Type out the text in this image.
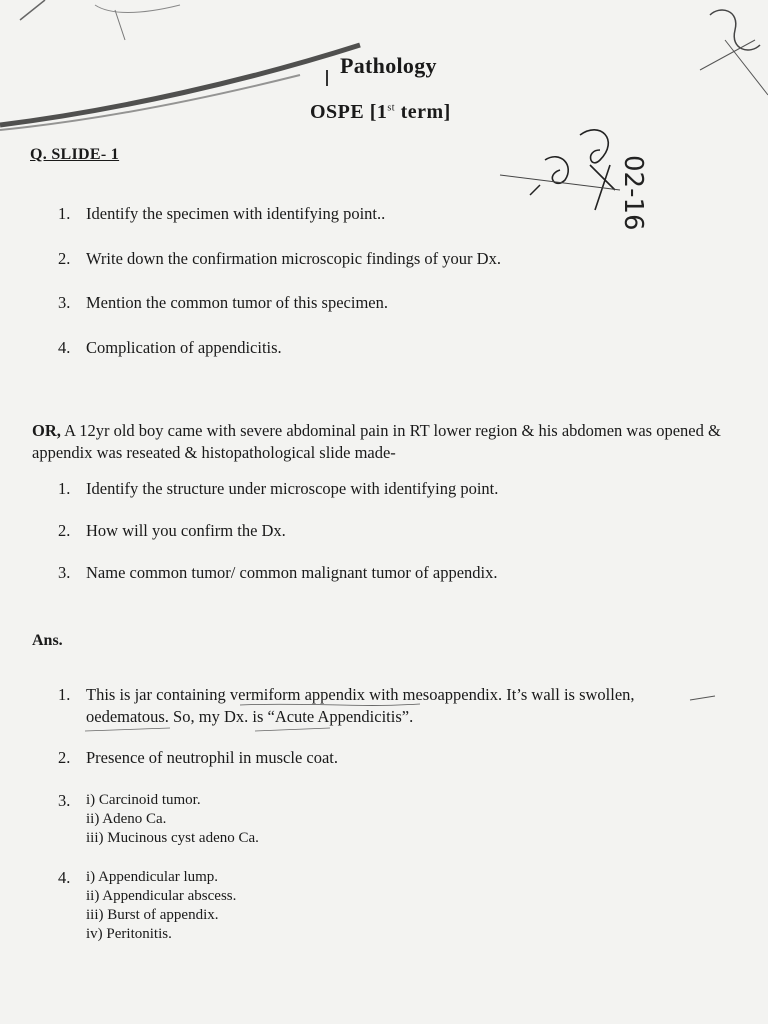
02-16
Pathology
OSPE [1st term]
Q. SLIDE- 1
1. Identify the specimen with identifying point..
2. Write down the confirmation microscopic findings of your Dx.
3. Mention the common tumor of this specimen.
4. Complication of appendicitis.
OR, A 12yr old boy came with severe abdominal pain in RT lower region & his abdomen was opened & appendix was reseated & histopathological slide made-
1. Identify the structure under microscope with identifying point.
2. How will you confirm the Dx.
3. Name common tumor/ common malignant tumor of appendix.
Ans.
1. This is jar containing vermiform appendix with mesoappendix. It’s wall is swollen,
oedematous. So, my Dx. is “Acute Appendicitis”.
2. Presence of neutrophil in muscle coat.
3. i) Carcinoid tumor.
ii) Adeno Ca.
iii) Mucinous cyst adeno Ca.
4. i) Appendicular lump.
ii) Appendicular abscess.
iii) Burst of appendix.
iv) Peritonitis.
